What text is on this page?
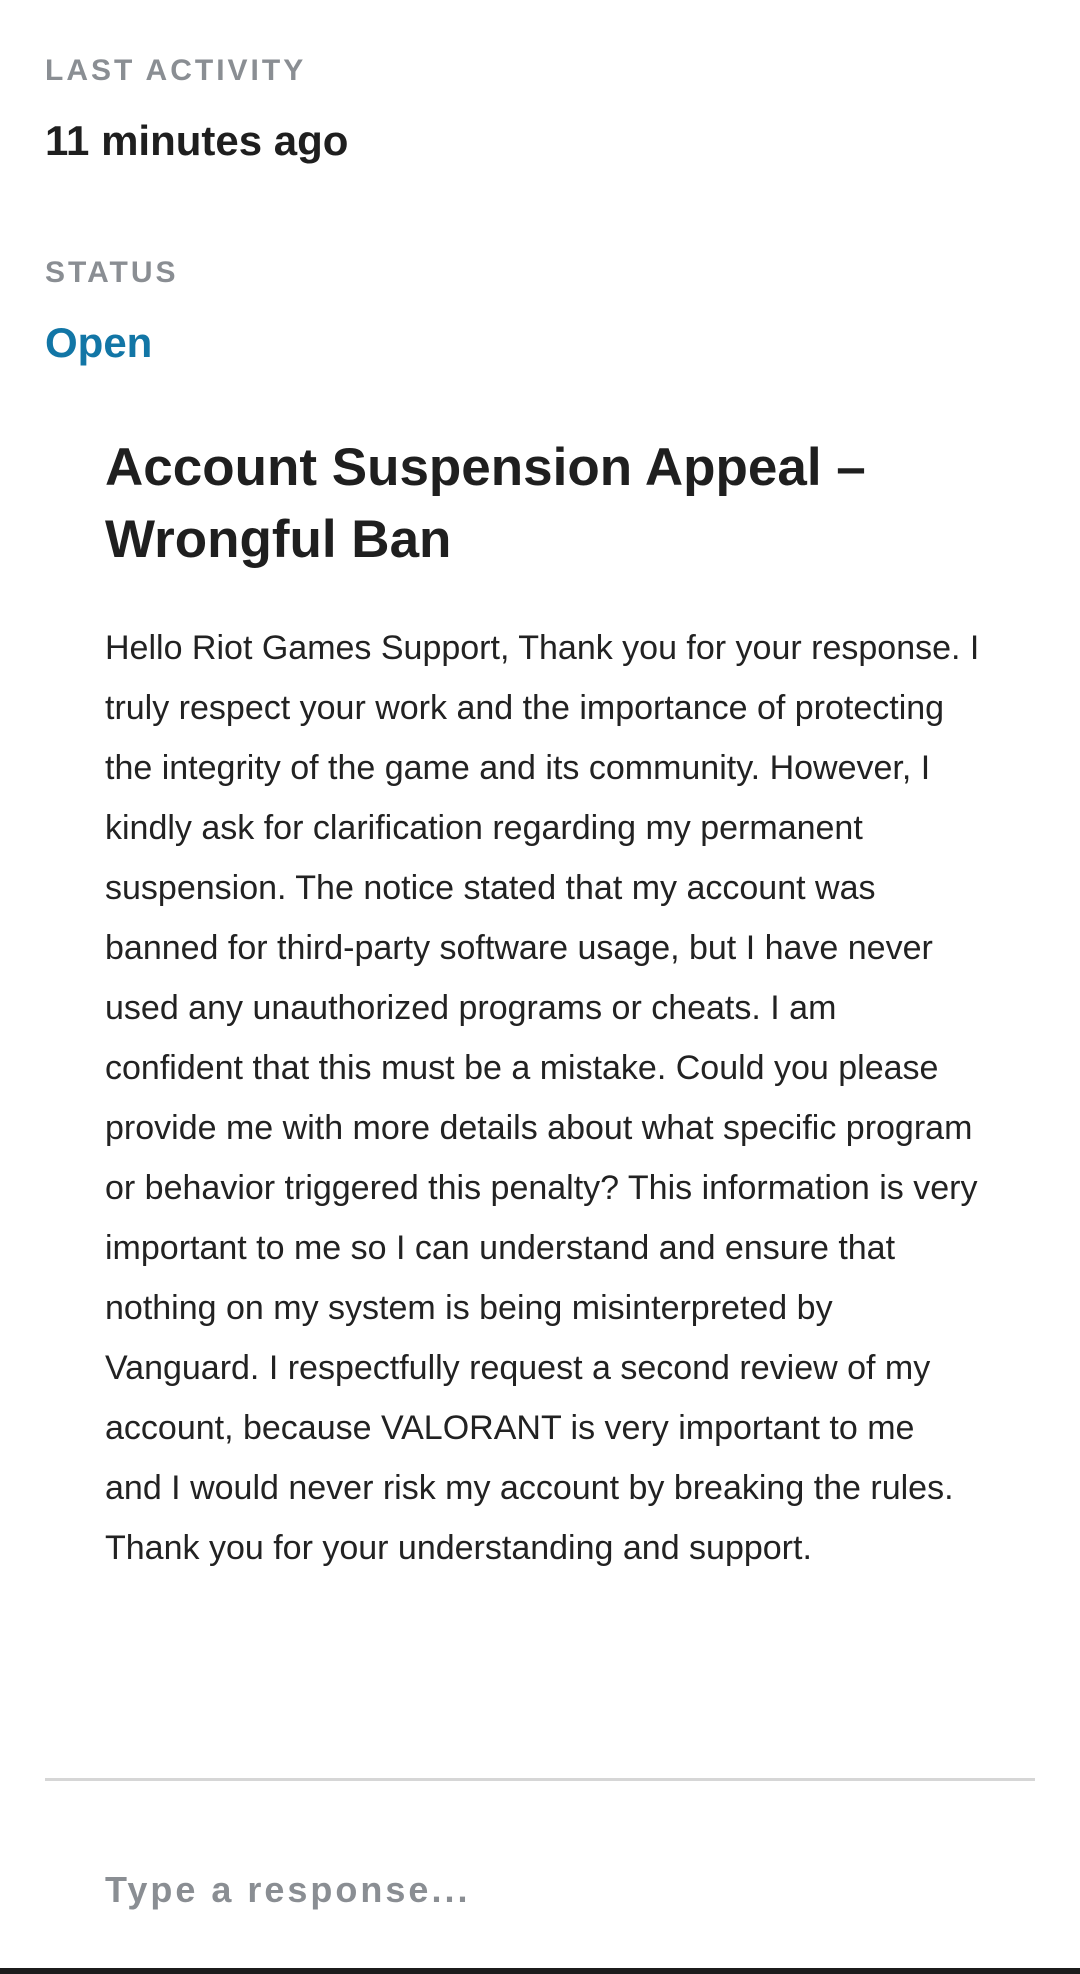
LAST ACTIVITY
11 minutes ago
STATUS
Open
Account Suspension Appeal – Wrongful Ban
Hello Riot Games Support, Thank you for your response. I truly respect your work and the importance of protecting the integrity of the game and its community. However, I kindly ask for clarification regarding my permanent suspension. The notice stated that my account was banned for third-party software usage, but I have never used any unauthorized programs or cheats. I am confident that this must be a mistake. Could you please provide me with more details about what specific program or behavior triggered this penalty? This information is very important to me so I can understand and ensure that nothing on my system is being misinterpreted by Vanguard. I respectfully request a second review of my account, because VALORANT is very important to me and I would never risk my account by breaking the rules. Thank you for your understanding and support.
Type a response...
